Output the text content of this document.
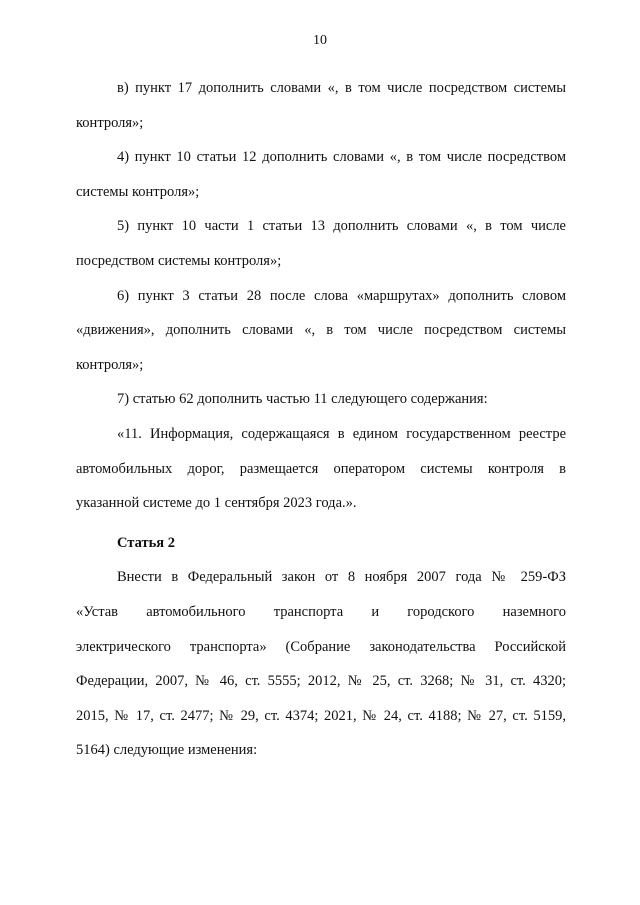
10

в) пункт 17 дополнить словами «, в том числе посредством системы
контроля»;

4) пункт 10 статьи 12 дополнить словами «, в том числе посредством
системы контроля»;

5) пункт 10 части 1 статьи 13 дополнить словами «, в том числе
посредством системы контроля»;

6) пункт 3 статьи 28 после слова «маршрутах» дополнить словом
«движения», дополнить словами «, в том числе посредством системы
контроля»;

7) статью 62 дополнить частью 11 следующего содержания:

«11. Информация, содержащаяся в едином государственном реестре
автомобильных дорог, размещается оператором системы контроля в
указанной системе до 1 сентября 2023 года.».

Статья 2

Внести в Федеральный закон от 8 ноября 2007 года № 259-ФЗ
«Устав автомобильного транспорта и городского наземного
электрического транспорта» (Собрание законодательства Российской
Федерации, 2007, № 46, ст. 5555; 2012, № 25, ст. 3268; № 31, ст. 4320;
2015, № 17, ст. 2477; № 29, ст. 4374; 2021, № 24, ст. 4188; № 27, ст. 5159,
5164) следующие изменения:
